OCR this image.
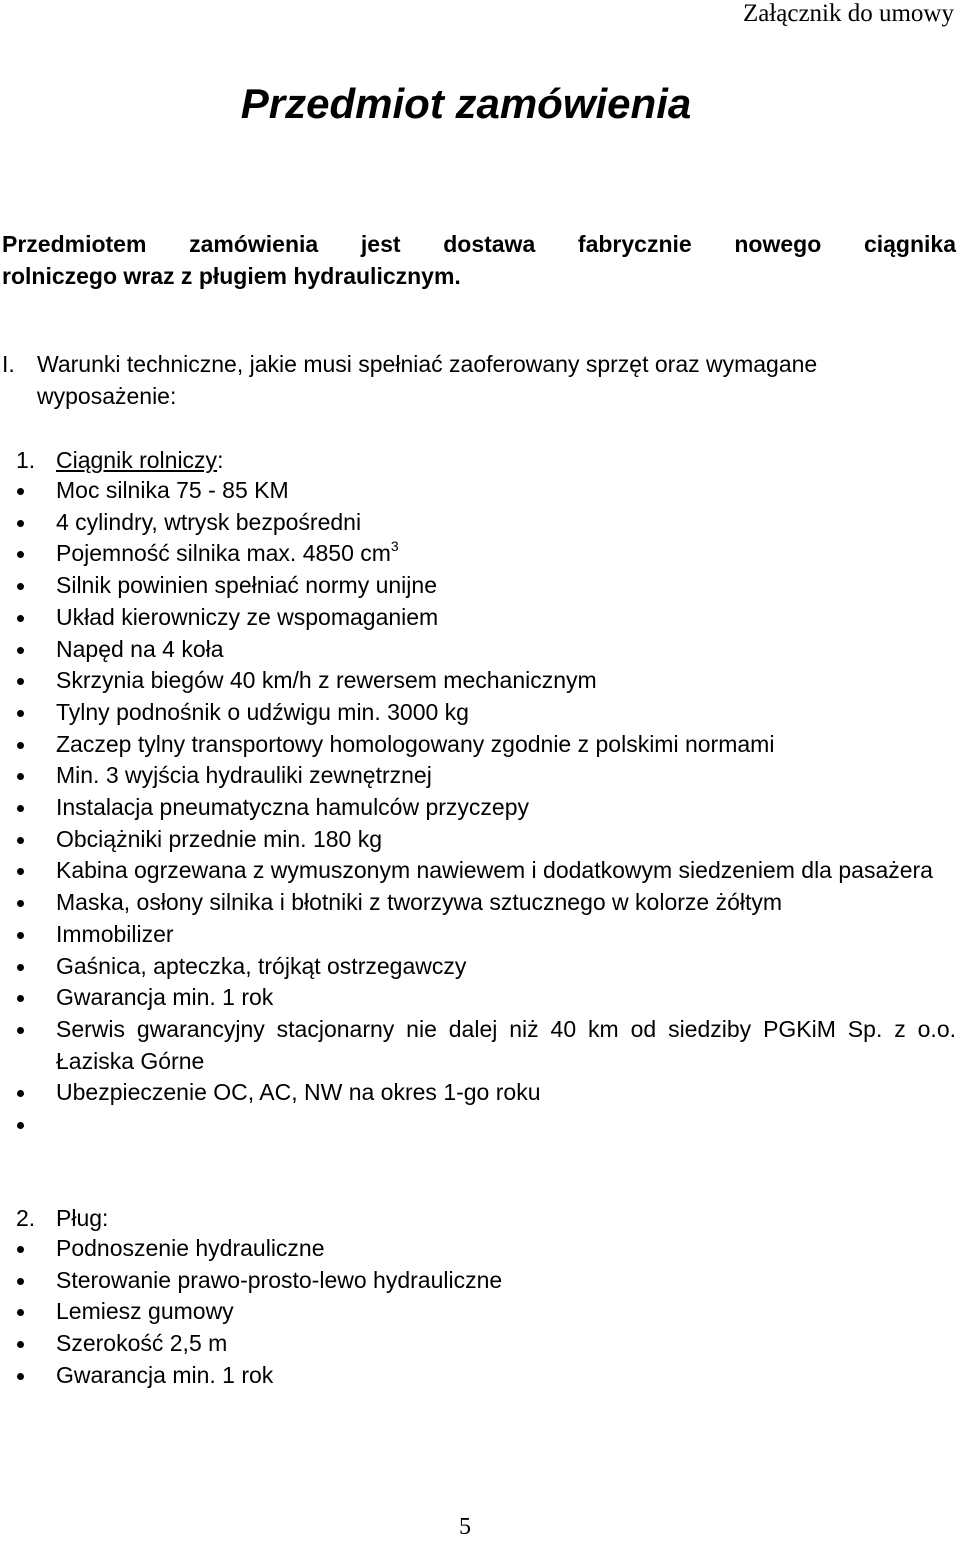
Załącznik do umowy
Przedmiot zamówienia
Przedmiotem zamówienia jest dostawa fabrycznie nowego ciągnika
rolniczego wraz z pługiem hydraulicznym.
I. Warunki techniczne, jakie musi spełniać zaoferowany sprzęt oraz wymagane wyposażenie:
1. Ciągnik rolniczy:
Moc silnika 75 - 85 KM
4 cylindry, wtrysk bezpośredni
Pojemność silnika max. 4850 $cm^3$
Silnik powinien spełniać normy unijne
Układ kierowniczy ze wspomaganiem
Napęd na 4 koła
Skrzynia biegów 40 km/h z rewersem mechanicznym
Tylny podnośnik o udźwigu min. 3000 kg
Zaczep tylny transportowy homologowany zgodnie z polskimi normami
Min. 3 wyjścia hydrauliki zewnętrznej
Instalacja pneumatyczna hamulców przyczepy
Obciążniki przednie min. 180 kg
Kabina ogrzewana z wymuszonym nawiewem i dodatkowym siedzeniem dla pasażera
Maska, osłony silnika i błotniki z tworzywa sztucznego w kolorze żółtym
Immobilizer
Gaśnica, apteczka, trójkąt ostrzegawczy
Gwarancja min. 1 rok
Serwis gwarancyjny stacjonarny nie dalej niż 40 km od siedziby PGKiM Sp. z o.o. Łaziska Górne
Ubezpieczenie OC, AC, NW na okres 1-go roku

2. Pług:
Podnoszenie hydrauliczne
Sterowanie prawo-prosto-lewo hydrauliczne
Lemiesz gumowy
Szerokość 2,5 m
Gwarancja min. 1 rok
5
